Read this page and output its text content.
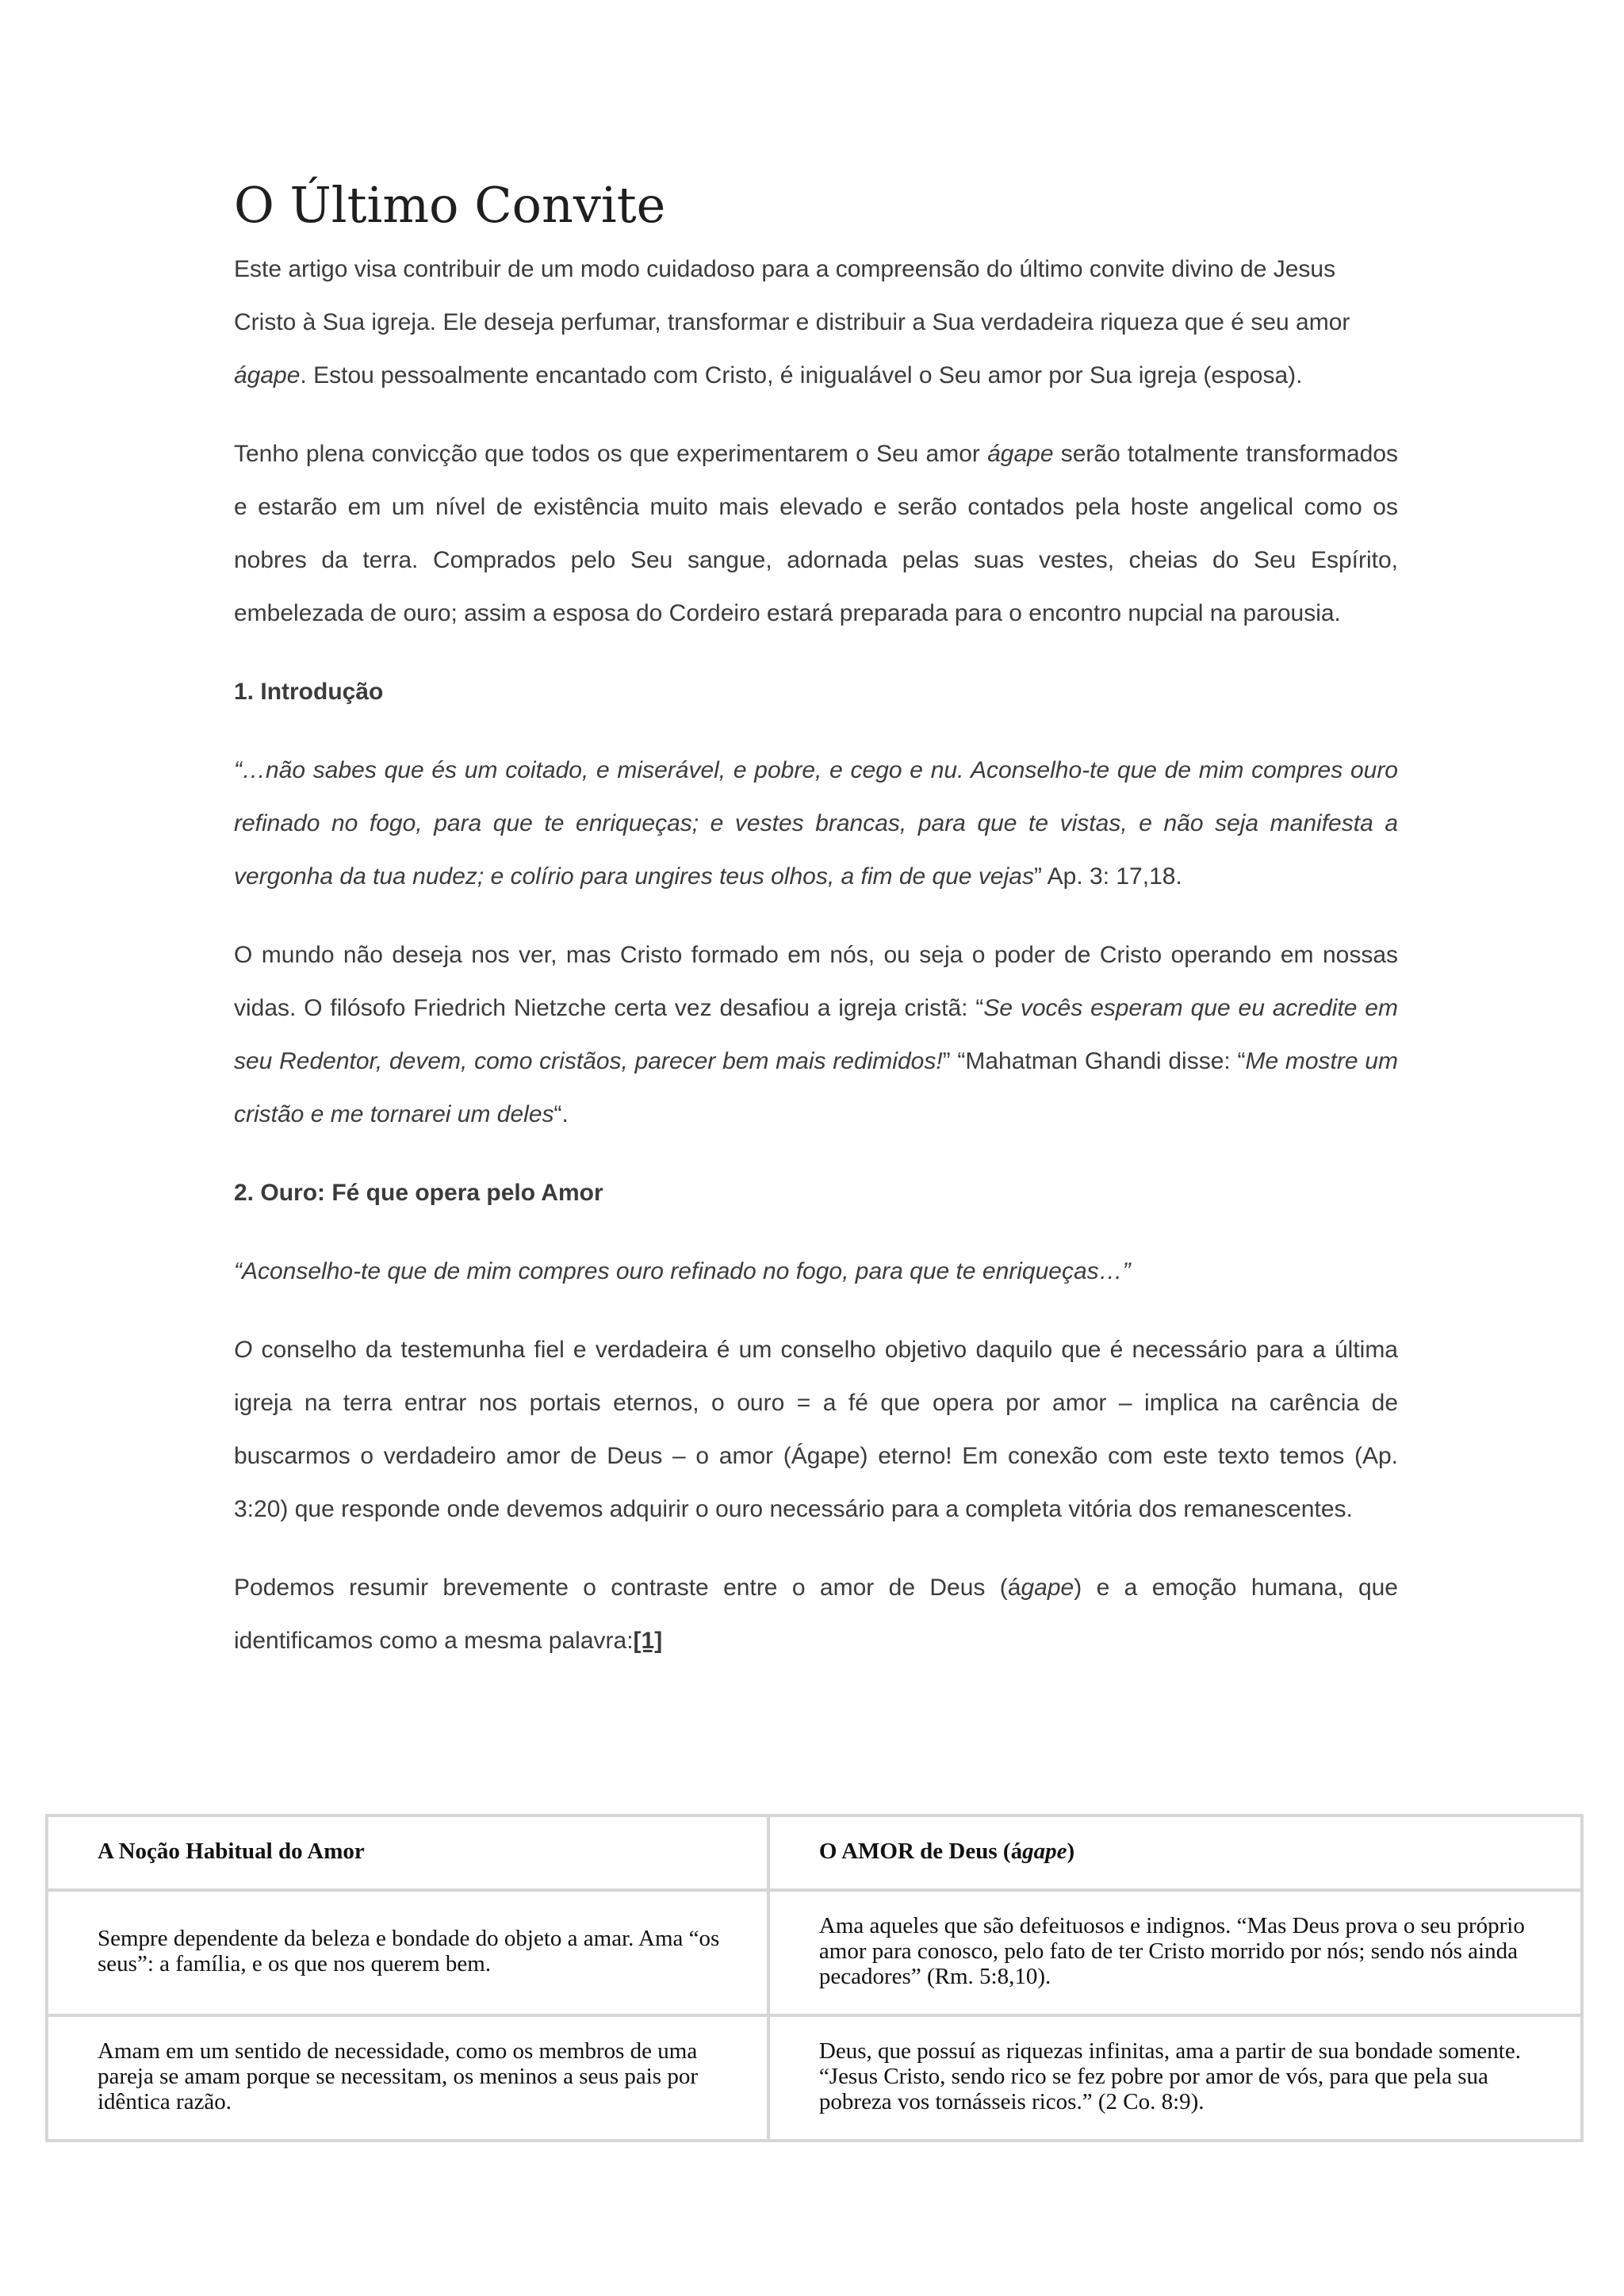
O Último Convite

Este artigo visa contribuir de um modo cuidadoso para a compreensão do último convite divino de Jesus Cristo à Sua igreja. Ele deseja perfumar, transformar e distribuir a Sua verdadeira riqueza que é seu amor ágape. Estou pessoalmente encantado com Cristo, é inigualável o Seu amor por Sua igreja (esposa).

Tenho plena convicção que todos os que experimentarem o Seu amor ágape serão totalmente transformados e estarão em um nível de existência muito mais elevado e serão contados pela hoste angelical como os nobres da terra. Comprados pelo Seu sangue, adornada pelas suas vestes, cheias do Seu Espírito, embelezada de ouro; assim a esposa do Cordeiro estará preparada para o encontro nupcial na parousia.

1. Introdução

“…não sabes que és um coitado, e miserável, e pobre, e cego e nu. Aconselho-te que de mim compres ouro refinado no fogo, para que te enriqueças; e vestes brancas, para que te vistas, e não seja manifesta a vergonha da tua nudez; e colírio para ungires teus olhos, a fim de que vejas” Ap. 3: 17,18.

O mundo não deseja nos ver, mas Cristo formado em nós, ou seja o poder de Cristo operando em nossas vidas. O filósofo Friedrich Nietzche certa vez desafiou a igreja cristã: “Se vocês esperam que eu acredite em seu Redentor, devem, como cristãos, parecer bem mais redimidos!” “Mahatman Ghandi disse: “Me mostre um cristão e me tornarei um deles“.

2. Ouro: Fé que opera pelo Amor

“Aconselho-te que de mim compres ouro refinado no fogo, para que te enriqueças…”

O conselho da testemunha fiel e verdadeira é um conselho objetivo daquilo que é necessário para a última igreja na terra entrar nos portais eternos, o ouro = a fé que opera por amor – implica na carência de buscarmos o verdadeiro amor de Deus – o amor (Ágape) eterno! Em conexão com este texto temos (Ap. 3:20) que responde onde devemos adquirir o ouro necessário para a completa vitória dos remanescentes.

Podemos resumir brevemente o contraste entre o amor de Deus (ágape) e a emoção humana, que identificamos como a mesma palavra:[1]

A Noção Habitual do Amor	O AMOR de Deus (ágape)
Sempre dependente da beleza e bondade do objeto a amar. Ama “os seus”: a família, e os que nos querem bem.	Ama aqueles que são defeituosos e indignos. “Mas Deus prova o seu próprio amor para conosco, pelo fato de ter Cristo morrido por nós; sendo nós ainda pecadores” (Rm. 5:8,10).
Amam em um sentido de necessidade, como os membros de uma pareja se amam porque se necessitam, os meninos a seus pais por idêntica razão.	Deus, que possuí as riquezas infinitas, ama a partir de sua bondade somente. “Jesus Cristo, sendo rico se fez pobre por amor de vós, para que pela sua pobreza vos tornásseis ricos.” (2 Co. 8:9).
